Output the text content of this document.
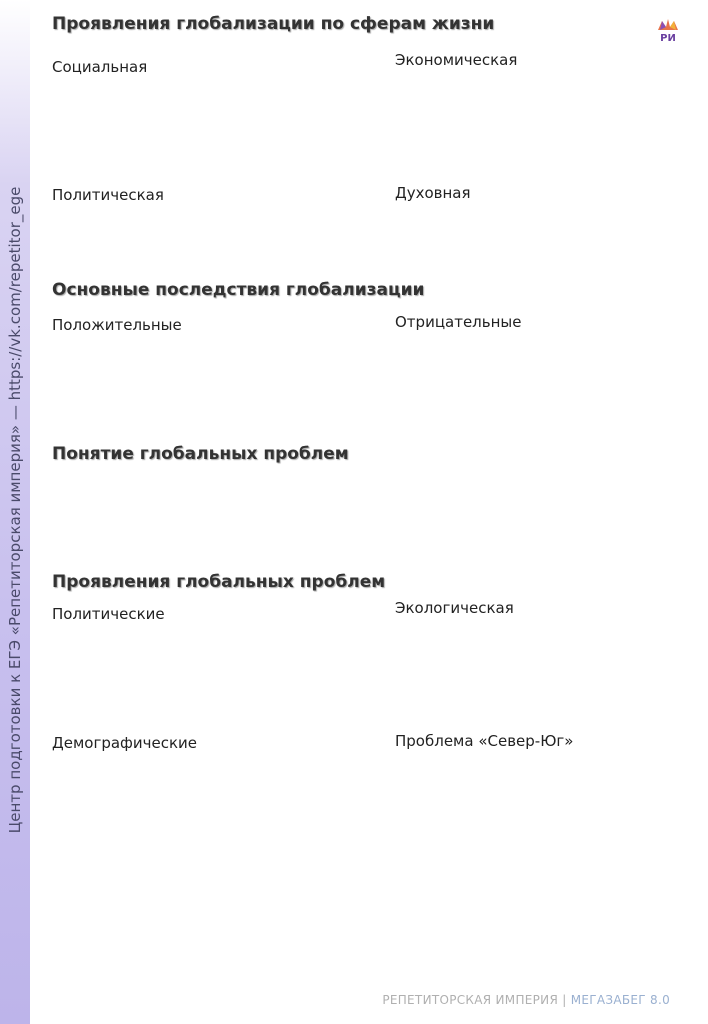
Центр подготовки к ЕГЭ «Репетиторская империя» — https://vk.com/repetitor_ege
РИ
Проявления глобализации по сферам жизни
Социальная	Экономическая
Политическая	Духовная
Основные последствия глобализации
Положительные	Отрицательные
Понятие глобальных проблем
Проявления глобальных проблем
Политические	Экологическая
Демографические	Проблема «Север-Юг»
РЕПЕТИТОРСКАЯ ИМПЕРИЯ | МЕГАЗАБЕГ 8.0
